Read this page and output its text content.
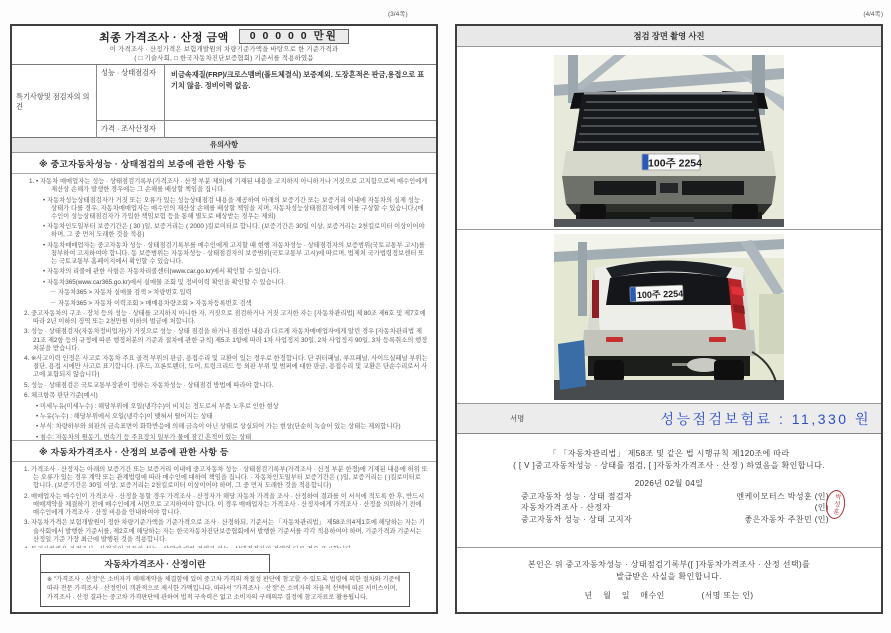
(3/4쪽)	(4/4쪽)
최종 가격조사 · 산정 금액	0 0 0 0 0 만원
이 가격조사 · 산정가격은 보험개발원의 차량기준가액을 바탕으로 한 기준가격과
( □ 기술사회, □ 한국자동차진단보증협회) 기준서를 적용하였음
특기사항및 점검자의 의견
성능 · 상태점검자	비금속재질(FRP)/크로스멤버(볼트체결식) 보증제외. 도장흔적은 판금,용접으로 표기치 않음. 정비이력 없음.
가격 · 조사산정자
유의사항
※ 중고자동차성능 · 상태점검의 보증에 관한 사항 등

1. • 자동차 매매업자는 성능 · 상태점검기록부(가격조사 · 산정 부분 제외)에 기재된 내용을 고지하지 아니하거나 거짓으로 고지함으로써 매수인에게 재산상 손해가 발생한 경우에는 그 손해를 배상할 책임을 집니다.

• 자동차성능상태점검자가 거짓 또는 오류가 있는 성능상태점검 내용을 제공하여 아래의 보증기간 또는 보증거리 이내에 자동차의 실제 성능 · 상태가 다를 경우, 자동차매매업자는 매수인의 재산상 손해를 배상할 책임을 지며, 자동차성능상태점검자에게 이를 구상할 수 있습니다.(매수인이 성능상태점검자가 가입한 책임보험 등을 통해 별도로 배상받는 경우는 제외)

• 자동차인도일부터 보증기간은 ( 30 )일, 보증거리는 ( 2000 )킬로미터로 합니다. (보증기간은 30일 이상, 보증거리는 2천킬로미터 이상이어야 하며, 그 중 먼저 도래한 것을 적용)

• 자동차매매업자는 중고자동차 성능 · 상태점검기록부를 매수인에게 고지할 때 현행 자동차성능 · 상태점검자의 보증범위(국토교통부 고시)를 첨부하여 고지하여야 합니다. 동 보증범위는 자동차성능 · 상태점검자의 보증범위(국토교통부 고시)에 따르며, 법제처 국가법령정보센터 또는 국토교통부 홈페이지에서 확인할 수 있습니다.

• 자동차의 리콜에 관한 사항은 자동차리콜센터(www.car.go.kr)에서 확인할 수 있습니다.

• 자동차365(www.car365.go.kr)에서 실매물 조회 및 정비이력 확인을 확인할 수 있습니다.

－ 자동차365 > 자동차 실매물 검색 > 차량번호 입력

－ 자동차365 > 자동차 이력조회 > 매매용차량조회 > 자동차등록번호 검색

2. 중고자동차의 구조 · 장치 등의 성능 · 상태를 고지하지 아니한 자, 거짓으로 점검하거나 거짓 고지한 자는 [자동차관리법] 제 80조 제6호 및 제7호에 따라 2년 이하의 징역 또는 2천만원 이하의 벌금에 처합니다.

3. 성능 · 상태점검자(자동차정비업자)가 거짓으로 성능 · 상태 점검을 하거나 점검한 내용과 다르게 자동차매매업자에게 알린 경우 [자동차관리법 제 21조 제2항 등의 규정에 따른 행정처분의 기준과 절차에 관한 규칙] 제5조 1항에 따라 1차 사업정지 30일, 2차 사업정지 90일, 3차 등록취소의 행정처분을 받습니다.

4. ※사고이력 인정은 사고로 자동차 주요 골격 부위의 판금, 용접수리 및 교환이 있는 경우로 한정합니다. 단 쿼터패널, 루프패널, 사이드실패널 부위는 절단, 용접 시에만 사고로 표기합니다. (후드, 프론트펜더, 도어, 트렁크리드 등 외판 부위 및 범퍼에 대한 판금, 용접수리 및 교환은 단순수리로서 사고에 포함되지 않습니다)

5. 성능 · 상태점검은 국토교통부장관이 정하는 자동차성능 · 상태점검 방법에 따라야 합니다.

6. 체크항목 판단기준(예시)

• 미세누유(미세누수) : 해당부위에 오일(냉각수)이 비치는 정도로서 부품 노후로 인한 현상

• 누유(누수) : 해당부위에서 오일(냉각수)이 맺혀서 떨어지는 상태

• 부식: 차량하부와 외판의 금속표면이 화학반응에 의해 금속이 아닌 상태로 상실되어 가는 현상(단순히 녹슬어 있는 상태는 제외합니다)

• 침수: 자동차의 원동기, 변속기 등 주요장치 일부가 물에 잠긴 흔적이 있는 상태

※ 자동차가격조사 · 산정의 보증에 관한 사항 등

1. 가격조사 · 산정자는 아래의 보증기간 또는 보증거리 이내에 중고자동차 성능 · 상태점검기록부(가격조사 · 산정 부분 한정)에 기재된 내용에 허위 또는 오류가 있는 경우 계약 또는 관계법령에 따라 매수인에 대하여 책임을 집니다. · 자동차인도일부터 보증기간은 ( )일, 보증거리는 ( )킬로미터로 합니다. (보증기간은 30일 이상, 보증거리는 2천킬로미터 이상이어야 하며, 그 중 먼저 도래한 것을 적용합니다)

2. 매매업자는 매수인이 가격조사 · 산정을 통할 경우 가격조사 · 산정자가 해당 자동차 가격을 조사 · 산정하여 결과를 이 서식에 적도록 한 후, 반드시 매매계약을 체결하기 전에 매수인에게 서면으로 고지하여야 합니다. 이 경우 매매업자는 가격조사 · 산정자에게 가격조사 · 산정을 의뢰하기 전에 매수인에게 가격조사 · 산정 비용을 안내하여야 합니다.

3. 자동차가격은 보험개발원이 정한 차량기준가액을 기준가격으로 조사 · 산정하되, 기준서는 「자동차관리법」 제58조의4제1호에 해당하는 자는 기술사회에서 발행한 기준서를, 제2호에 해당하는 자는 한국자동차진단보증협회에서 발행한 기준서를 각각 적용하여야 하며, 기준가격과 기준서는 산정일 기준 가장 최근에 발행된 것을 적용합니다.

자동차가격조사 · 산정이란
※ "가격조사 · 산정"은 소비자가 매매계약을 체결함에 있어 중고차 가격의 적절성 판단에 참고할 수 있도록 법령에 의한 절차와 기준에 따라 전문 가격조사 · 산정인이 객관적으로 제시한 가액입니다. 따라서 "가격조사 · 산정"은 소비자의 자율적 선택에 따른 서비스이며, 가격조사 · 산정 결과는 중고차 가격판단에 관하여 법적 구속력은 없고 소비자의 구매의무 결정에 참고자료로 활용됩니다.
점검 장면 촬영 사진
100주 2254
100주 2254
서명	성능점검보험료 : 11,330 원
「 「자동차관리법」 제58조 및 같은 법 시행규칙 제120조에 따라
( [ V ]중고자동차성능 · 상태를 점검, [ ]자동차가격조사 · 산정 ) 하였음을 확인합니다.
2026년 02월 04일
중고자동차 성능 · 상태 점검자	엔케이모터스 박성훈 (인)
자동차가격조사 · 산정자	(인)
중고자동차 성능 · 상태 고지자	좋은자동차 주찬민 (인)
박성훈
본인은 위 중고자동차성능 · 상태점검기록부([ ]자동차가격조사 · 산정 선택)를
발급받은 사실을 확인합니다.
년    월    일    매수인              (서명 또는 인)
